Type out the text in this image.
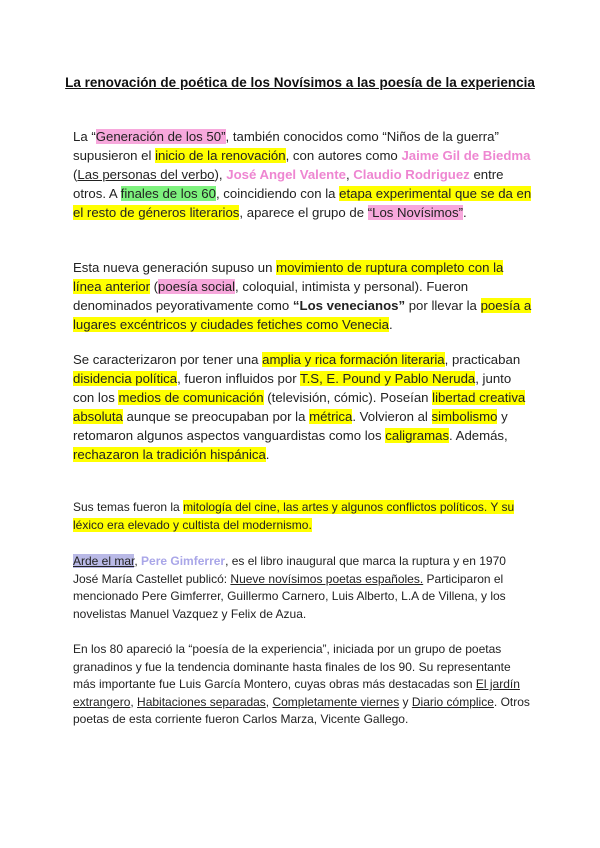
La renovación de poética de los Novísimos a las poesía de la experiencia

La “Generación de los 50”, también conocidos como “Niños de la guerra” supusieron el inicio de la renovación, con autores como Jaime Gil de Biedma (Las personas del verbo), José Angel Valente, Claudio Rodriguez entre otros. A finales de los 60, coincidiendo con la etapa experimental que se da en el resto de géneros literarios, aparece el grupo de “Los Novísimos”.

Esta nueva generación supuso un movimiento de ruptura completo con la línea anterior (poesía social, coloquial, intimista y personal). Fueron denominados peyorativamente como “Los venecianos” por llevar la poesía a lugares excéntricos y ciudades fetiches como Venecia.

Se caracterizaron por tener una amplia y rica formación literaria, practicaban disidencia política, fueron influidos por T.S, E. Pound y Pablo Neruda, junto con los medios de comunicación (televisión, cómic). Poseían libertad creativa absoluta aunque se preocupaban por la métrica. Volvieron al simbolismo y retomaron algunos aspectos vanguardistas como los caligramas. Además, rechazaron la tradición hispánica.

Sus temas fueron la mitología del cine, las artes y algunos conflictos políticos. Y su léxico era elevado y cultista del modernismo.

Arde el mar, Pere Gimferrer, es el libro inaugural que marca la ruptura y en 1970 José María Castellet publicó: Nueve novísimos poetas españoles. Participaron el mencionado Pere Gimferrer, Guillermo Carnero, Luis Alberto, L.A de Villena, y los novelistas Manuel Vazquez y Felix de Azua.

En los 80 apareció la “poesía de la experiencia”, iniciada por un grupo de poetas granadinos y fue la tendencia dominante hasta finales de los 90. Su representante más importante fue Luis García Montero, cuyas obras más destacadas son El jardín extrangero, Habitaciones separadas, Completamente viernes y Diario cómplice. Otros poetas de esta corriente fueron Carlos Marza, Vicente Gallego.
